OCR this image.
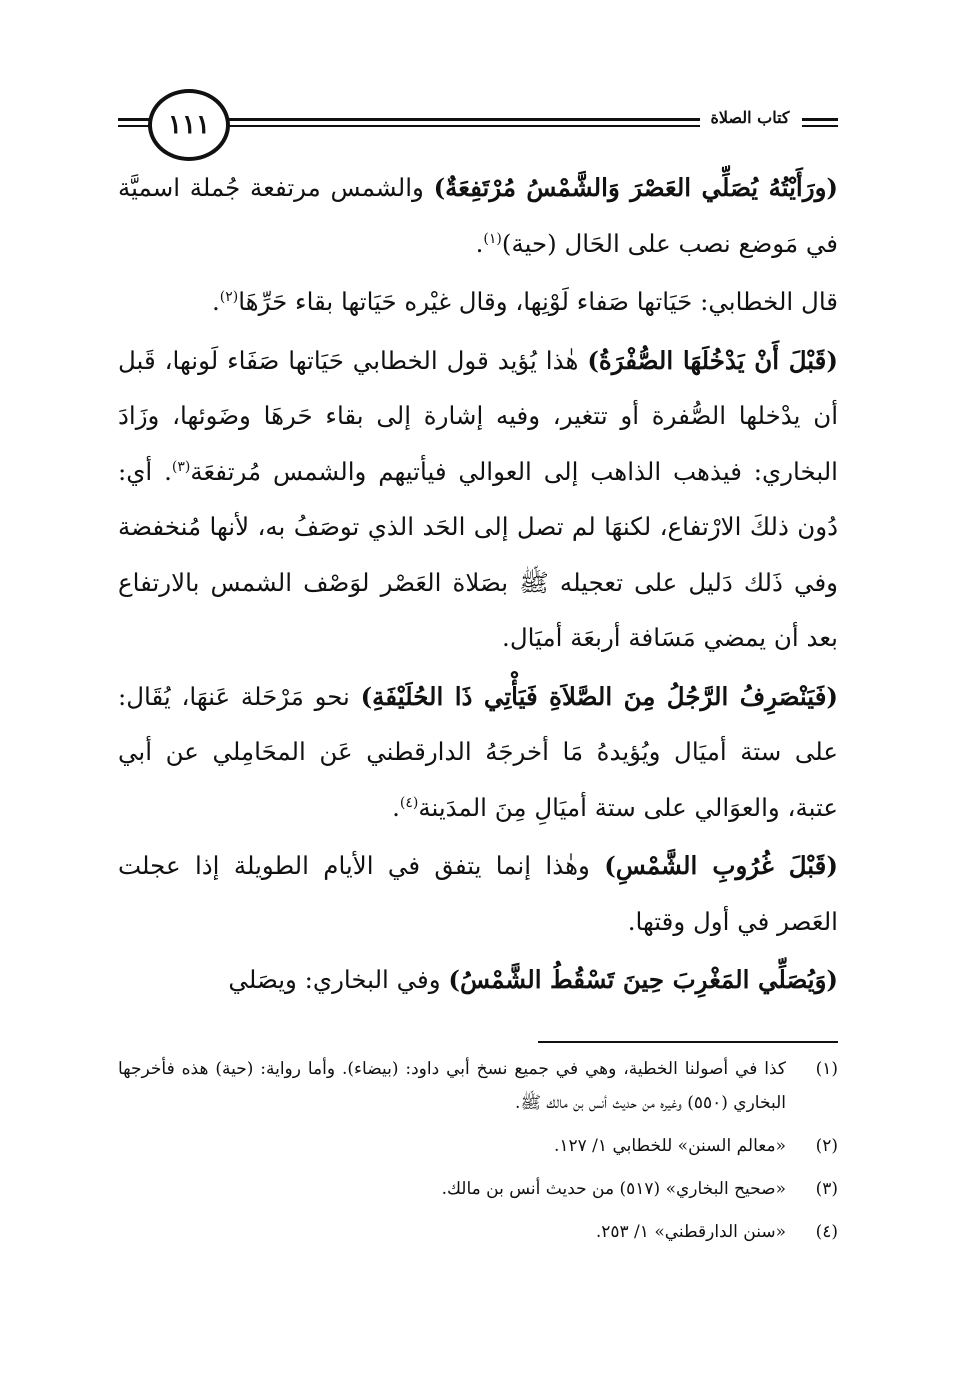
كتاب الصلاة
١١١

(ورَأَيْتُهُ يُصَلِّي العَصْرَ وَالشَّمْسُ مُرْتَفِعَةٌ) والشمس مرتفعة جُملة اسميَّة في مَوضع نصب على الحَال (حية)$^{(١)}$.

قال الخطابي: حَيَاتها صَفاء لَوْنِها، وقال غيْره حَيَاتها بقاء حَرِّهَا$^{(٢)}$.

(قَبْلَ أَنْ يَدْخُلَهَا الصُّفْرَةُ) هٰذا يُؤيد قول الخطابي حَيَاتها صَفَاء لَونها، قَبل أن يدْخلها الصُّفرة أو تتغير، وفيه إشارة إلى بقاء حَرهَا وضَوئها، وزَادَ البخاري: فيذهب الذاهب إلى العوالي فيأتيهم والشمس مُرتفعَة$^{(٣)}$. أي: دُون ذلكَ الارْتفاع، لكنهَا لم تصل إلى الحَد الذي توصَفُ به، لأنها مُنخفضة وفي ذَلك دَليل على تعجيله ﷺ بصَلاة العَصْر لوَصْف الشمس بالارتفاع بعد أن يمضي مَسَافة أربعَة أميَال.

(فَيَنْصَرِفُ الرَّجُلُ مِنَ الصَّلاَةِ فَيَأْتِي ذَا الحُلَيْفَةِ) نحو مَرْحَلة عَنهَا، يُقَال: على ستة أميَال ويُؤيدهُ مَا أخرجَهُ الدارقطني عَن المحَامِلي عن أبي عتبة، والعوَالي على ستة أميَالِ مِنَ المدَينة$^{(٤)}$.

(قَبْلَ غُرُوبِ الشَّمْسِ) وهٰذا إنما يتفق في الأيام الطويلة إذا عجلت العَصر في أول وقتها.

(وَيُصَلِّي المَغْرِبَ حِينَ تَسْقُطُ الشَّمْسُ) وفي البخاري: ويصَلي

(١)
كذا في أصولنا الخطية، وهي في جميع نسخ أبي داود: (بيضاء). وأما رواية: (حية) هذه فأخرجها البخاري (٥٥٠) وغيره من حديث أنس بن مالك ﷺ.
(٢)
«معالم السنن» للخطابي ١/ ١٢٧.
(٣)
«صحيح البخاري» (٥١٧) من حديث أنس بن مالك.
(٤)
«سنن الدارقطني» ١/ ٢٥٣.
